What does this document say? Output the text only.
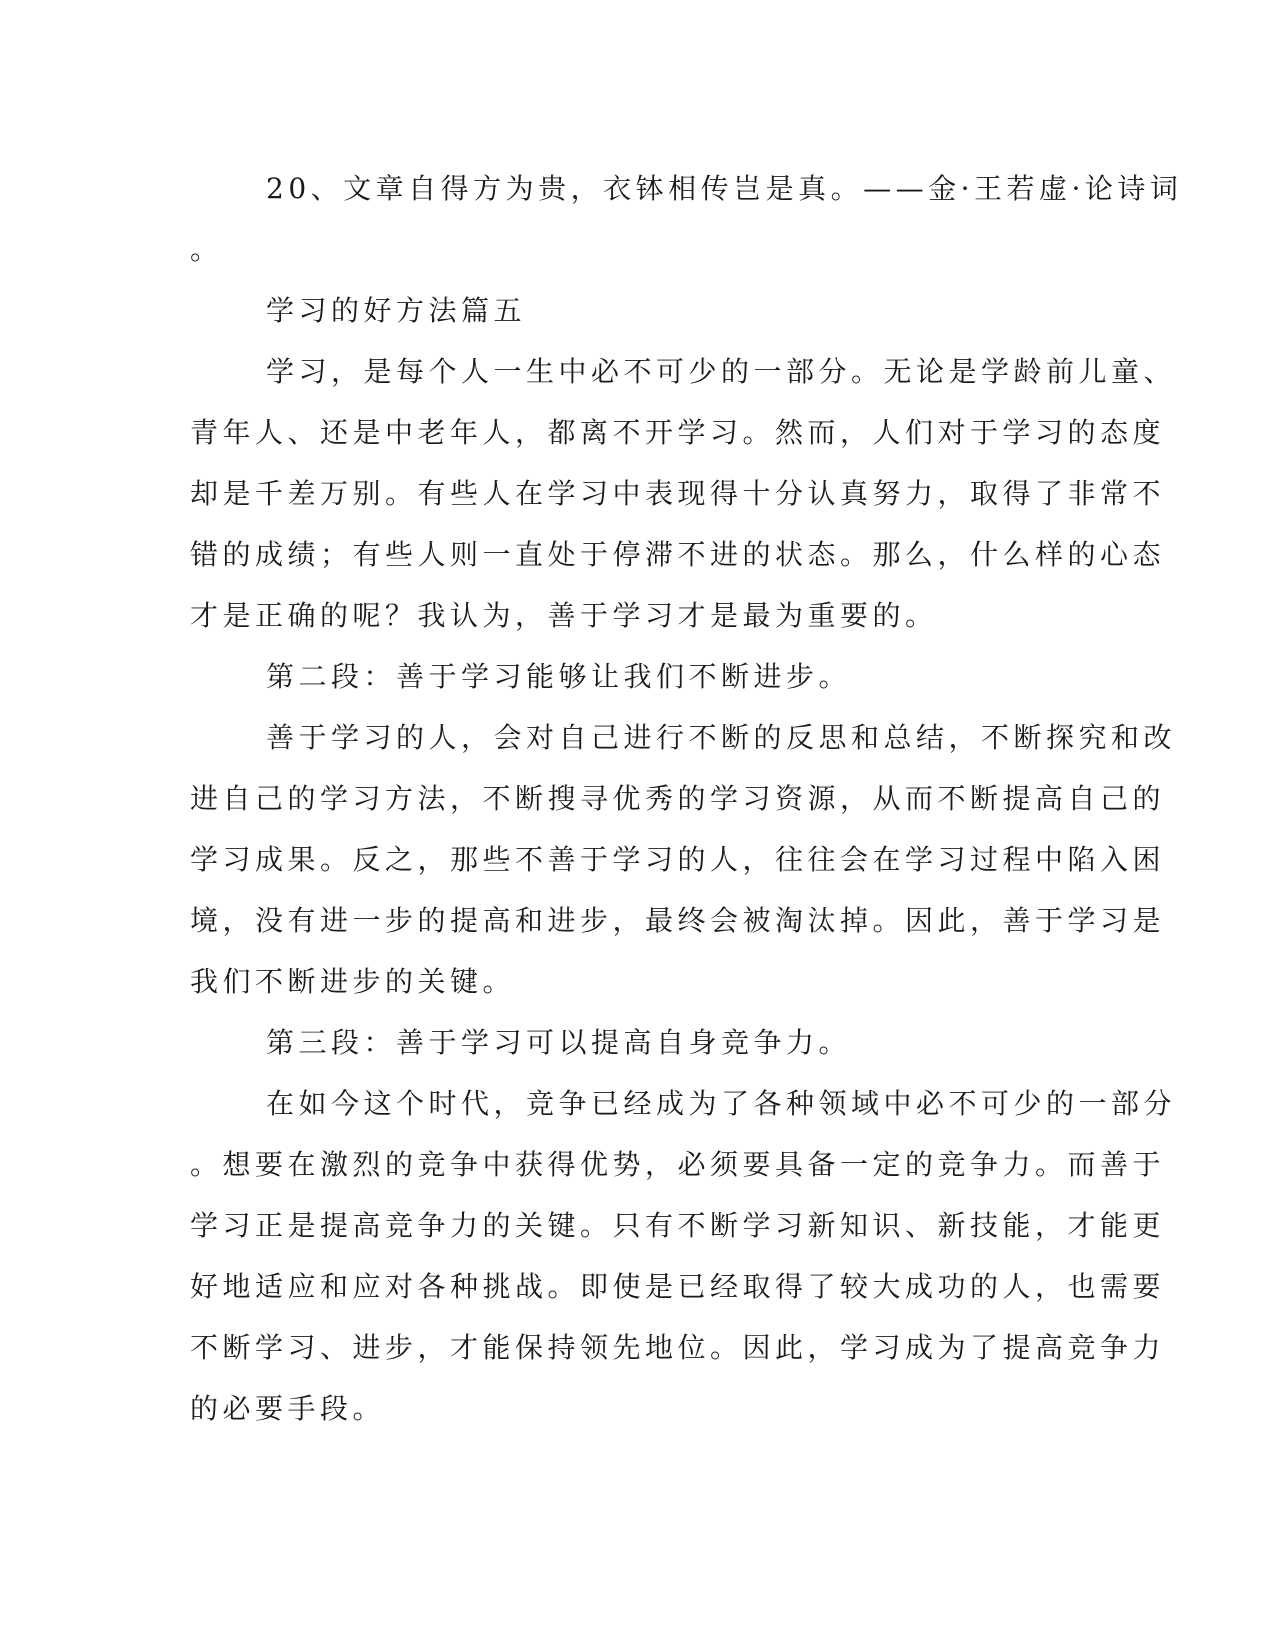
20、文章自得方为贵，衣钵相传岂是真。——金·王若虚·论诗词

。

学习的好方法篇五

学习，是每个人一生中必不可少的一部分。无论是学龄前儿童、

青年人、还是中老年人，都离不开学习。然而，人们对于学习的态度

却是千差万别。有些人在学习中表现得十分认真努力，取得了非常不

错的成绩；有些人则一直处于停滞不进的状态。那么，什么样的心态

才是正确的呢？我认为，善于学习才是最为重要的。

第二段：善于学习能够让我们不断进步。

善于学习的人，会对自己进行不断的反思和总结，不断探究和改

进自己的学习方法，不断搜寻优秀的学习资源，从而不断提高自己的

学习成果。反之，那些不善于学习的人，往往会在学习过程中陷入困

境，没有进一步的提高和进步，最终会被淘汰掉。因此，善于学习是

我们不断进步的关键。

第三段：善于学习可以提高自身竞争力。

在如今这个时代，竞争已经成为了各种领域中必不可少的一部分

。想要在激烈的竞争中获得优势，必须要具备一定的竞争力。而善于

学习正是提高竞争力的关键。只有不断学习新知识、新技能，才能更

好地适应和应对各种挑战。即使是已经取得了较大成功的人，也需要

不断学习、进步，才能保持领先地位。因此，学习成为了提高竞争力

的必要手段。
